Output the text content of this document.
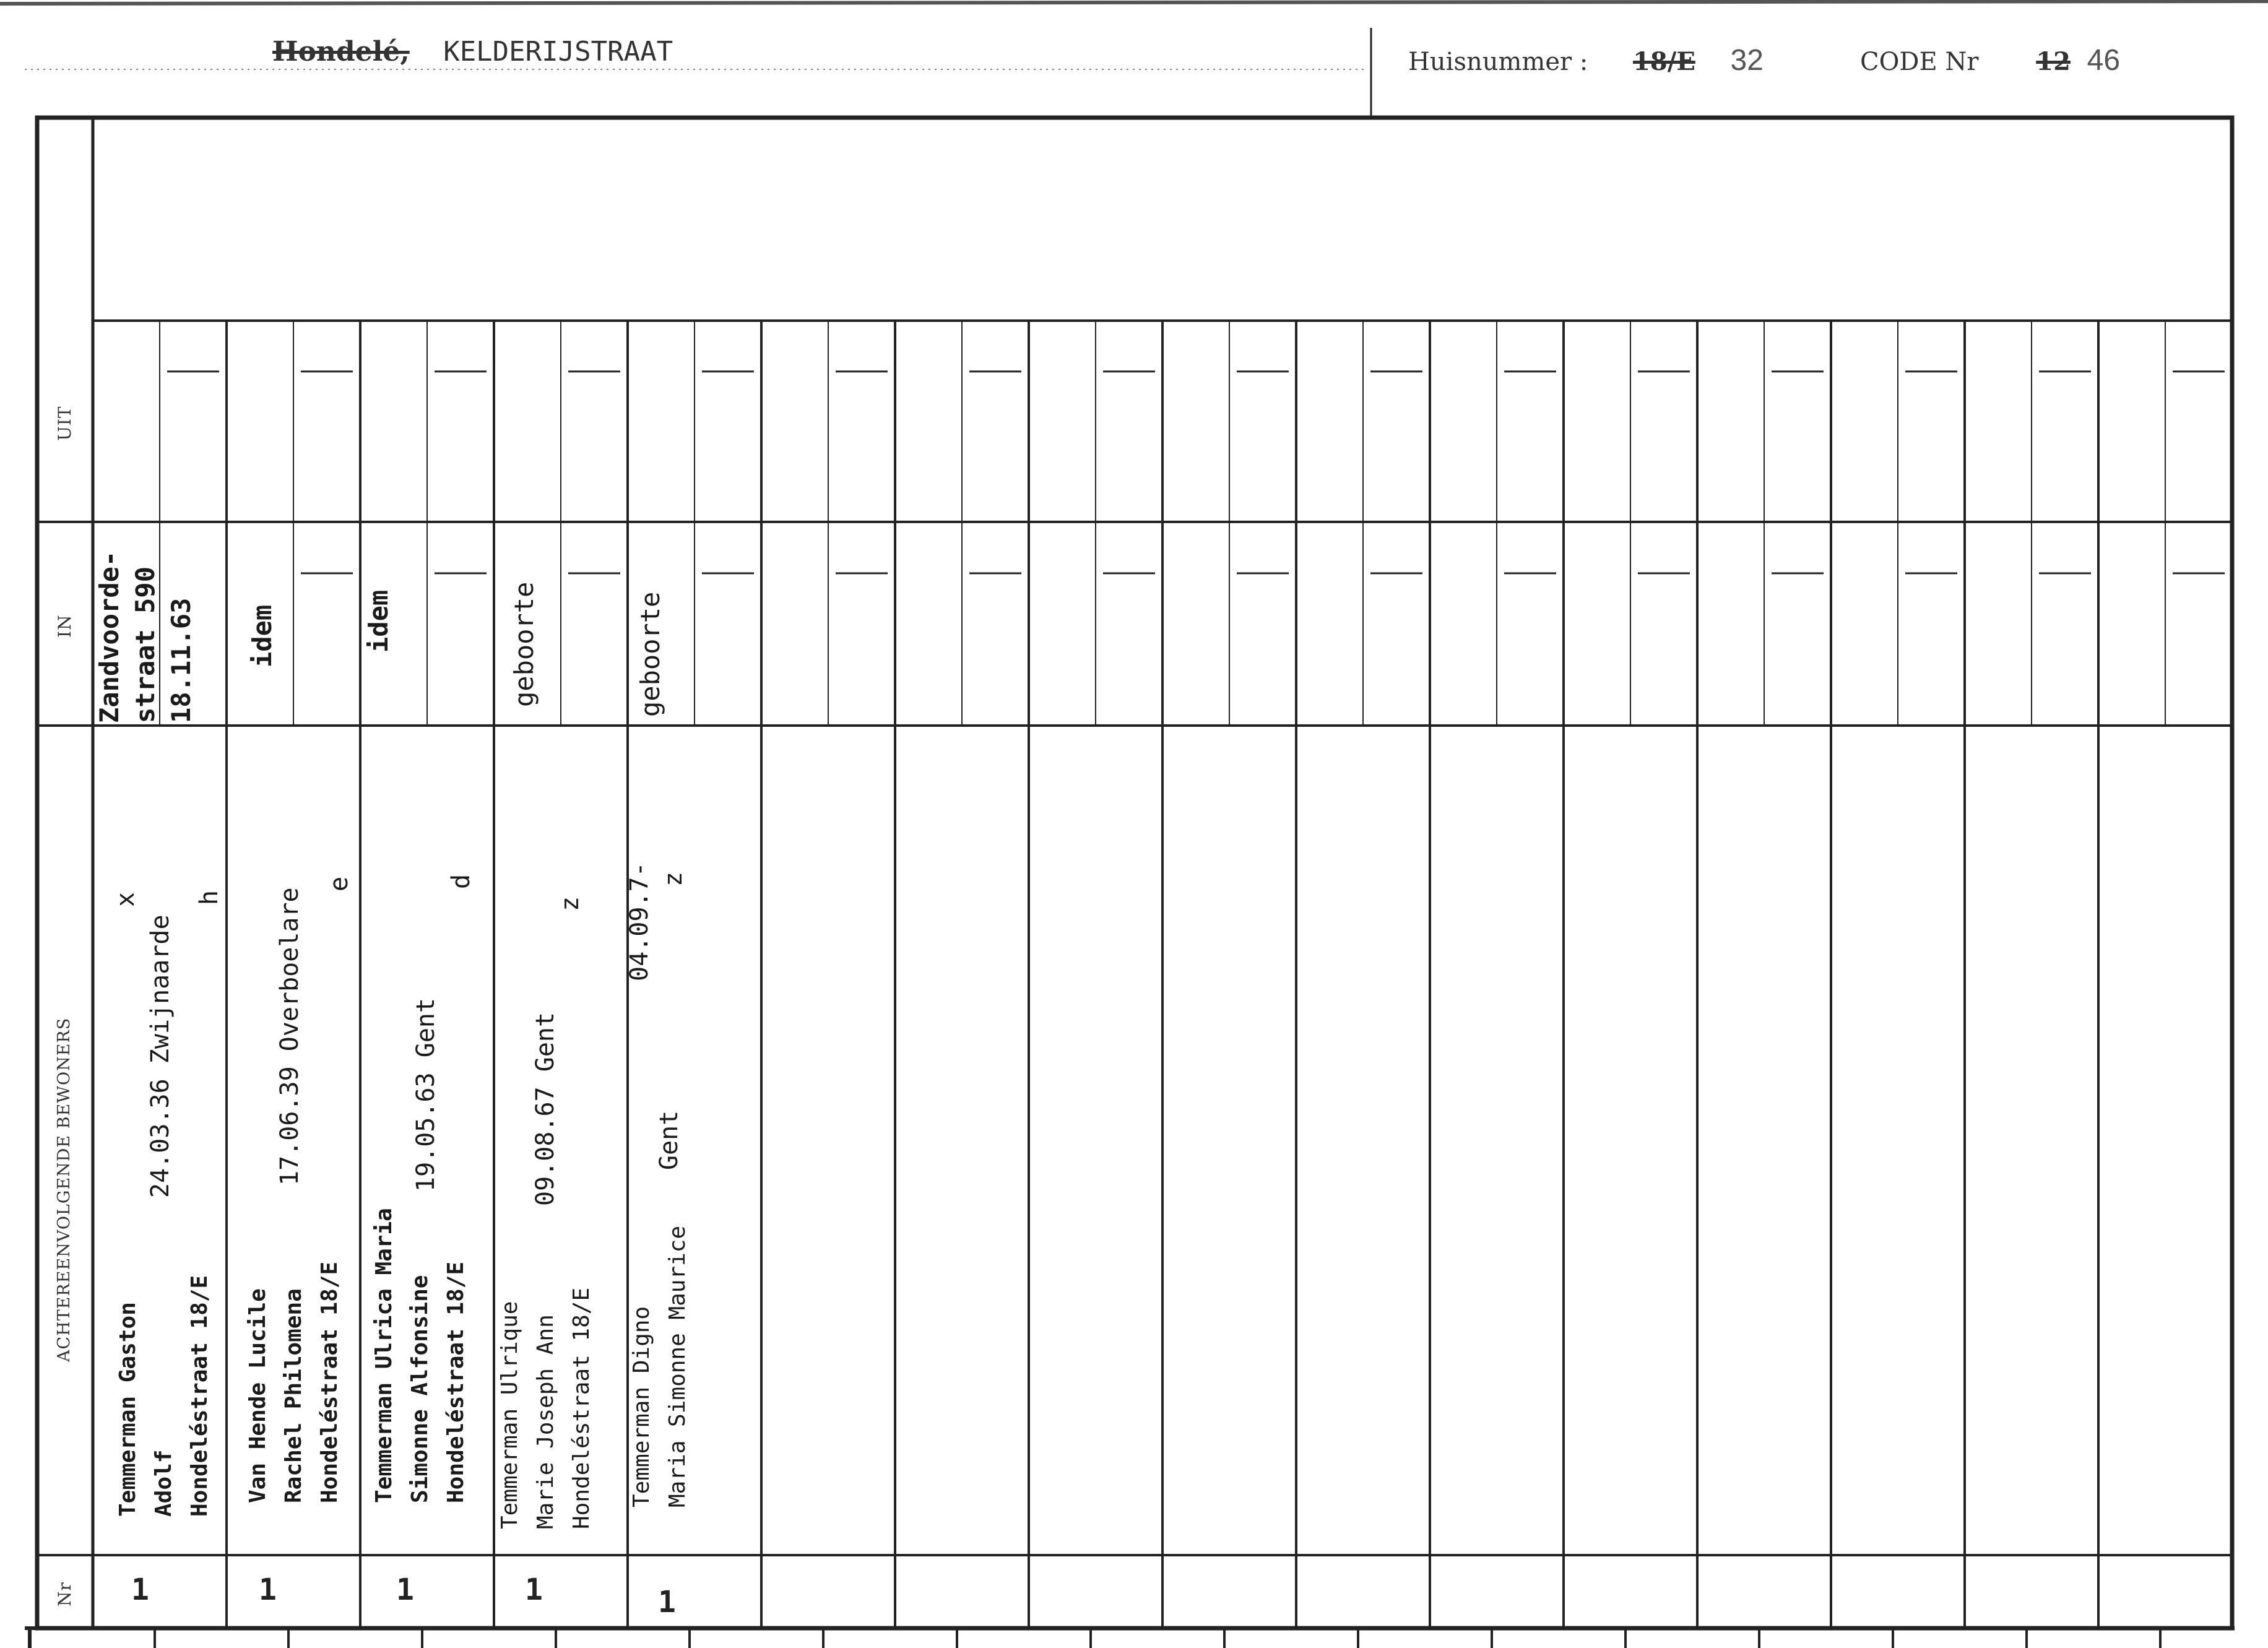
Hondelé, KELDERIJSTRAAT	Huisnummer : 18/E 32	CODE Nr 12 46
UIT
IN
ACHTEREENVOLGENDE BEWONERS
Nr
Temmerman Gaston Adolf Hondeléstraat 18/E
24.03.36 Zwijnaarde
x h
Zandvoorde- straat 590 18.11.63
1
Van Hende Lucile Rachel Philomena Hondeléstraat 18/E
17.06.39 Overboelare
e
idem
1
Temmerman Ulrica Maria Simonne Alfonsine Hondeléstraat 18/E
19.05.63 Gent
d
idem
1
Temmerman Ulrique Marie Joseph Ann Hondeléstraat 18/E
09.08.67 Gent
z
geboorte
1
Temmerman Digno Maria Simonne Maurice
Gent
04.09.7- z
geboorte
1
